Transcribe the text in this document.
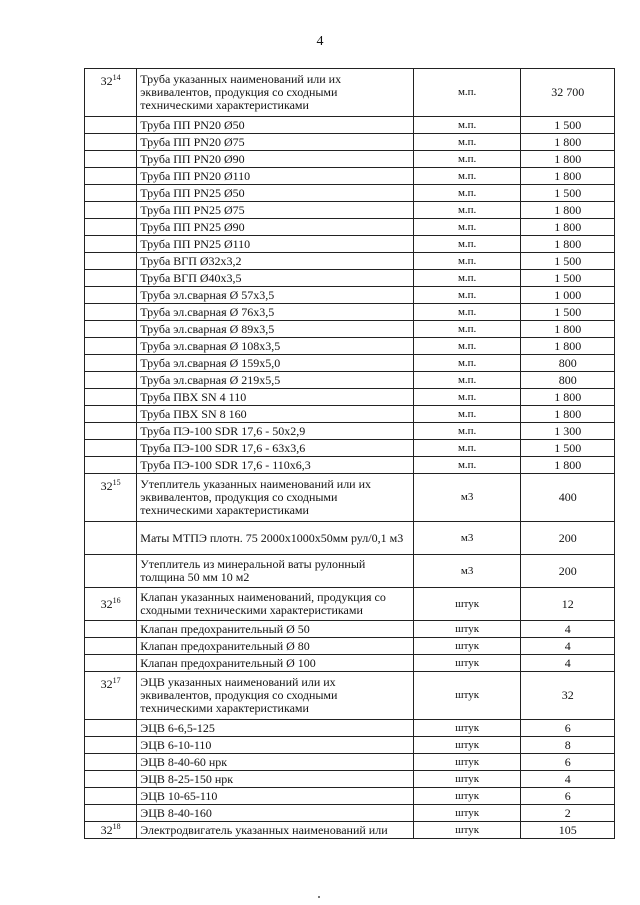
4
$32^{14}$	Труба указанных наименований или их эквивалентов, продукция со сходными техническими характеристиками	м.п.	32 700
	Труба ПП PN20 Ø50	м.п.	1 500
	Труба ПП PN20 Ø75	м.п.	1 800
	Труба ПП PN20 Ø90	м.п.	1 800
	Труба ПП PN20 Ø110	м.п.	1 800
	Труба ПП PN25 Ø50	м.п.	1 500
	Труба ПП PN25 Ø75	м.п.	1 800
	Труба ПП PN25 Ø90	м.п.	1 800
	Труба ПП PN25 Ø110	м.п.	1 800
	Труба ВГП Ø32х3,2	м.п.	1 500
	Труба ВГП Ø40х3,5	м.п.	1 500
	Труба эл.сварная Ø 57х3,5	м.п.	1 000
	Труба эл.сварная Ø 76х3,5	м.п.	1 500
	Труба эл.сварная Ø 89х3,5	м.п.	1 800
	Труба эл.сварная Ø 108х3,5	м.п.	1 800
	Труба эл.сварная Ø 159х5,0	м.п.	800
	Труба эл.сварная Ø 219х5,5	м.п.	800
	Труба ПВХ SN 4 110	м.п.	1 800
	Труба ПВХ SN 8 160	м.п.	1 800
	Труба ПЭ-100 SDR 17,6 - 50х2,9	м.п.	1 300
	Труба ПЭ-100 SDR 17,6 - 63х3,6	м.п.	1 500
	Труба ПЭ-100 SDR 17,6 - 110х6,3	м.п.	1 800
$32^{15}$	Утеплитель указанных наименований или их эквивалентов, продукция со сходными техническими характеристиками	м3	400
	Маты МТПЭ плотн. 75 2000х1000х50мм рул/0,1 м3	м3	200
	Утеплитель из минеральной ваты рулонный толщина 50 мм 10 м2	м3	200
$32^{16}$	Клапан указанных наименований, продукция со сходными техническими характеристиками	штук	12
	Клапан предохранительный Ø 50	штук	4
	Клапан предохранительный Ø 80	штук	4
	Клапан предохранительный Ø 100	штук	4
$32^{17}$	ЭЦВ указанных наименований или их эквивалентов, продукция со сходными техническими характеристиками	штук	32
	ЭЦВ 6-6,5-125	штук	6
	ЭЦВ 6-10-110	штук	8
	ЭЦВ 8-40-60 нрк	штук	6
	ЭЦВ 8-25-150 нрк	штук	4
	ЭЦВ 10-65-110	штук	6
	ЭЦВ 8-40-160	штук	2
$32^{18}$	Электродвигатель указанных наименований или	штук	105
